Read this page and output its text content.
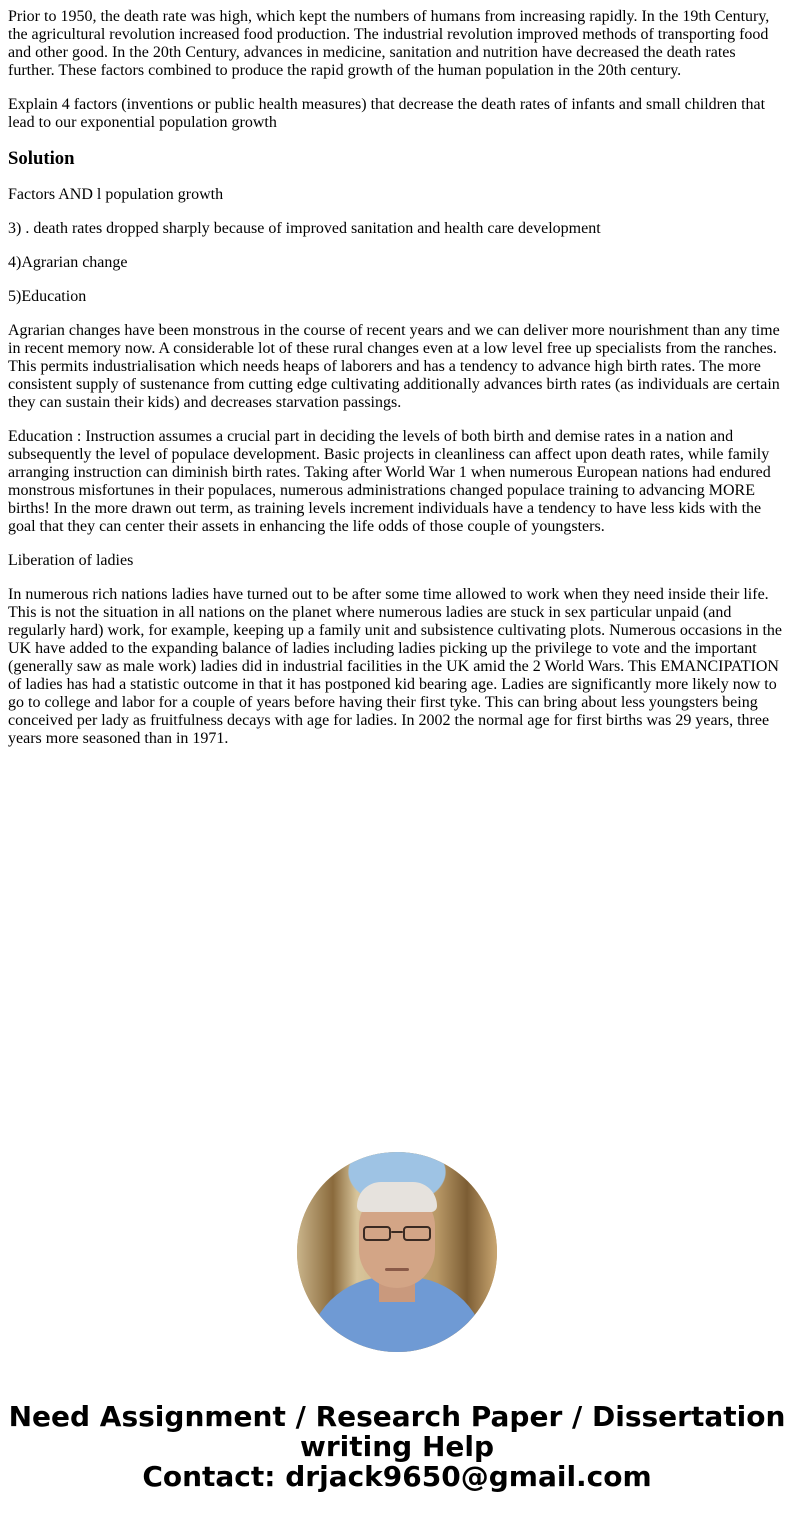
Prior to 1950, the death rate was high, which kept the numbers of humans from increasing rapidly. In the 19th Century, the agricultural revolution increased food production. The industrial revolution improved methods of transporting food and other good. In the 20th Century, advances in medicine, sanitation and nutrition have decreased the death rates further. These factors combined to produce the rapid growth of the human population in the 20th century.

Explain 4 factors (inventions or public health measures) that decrease the death rates of infants and small children that lead to our exponential population growth

Solution

Factors AND l population growth

3) . death rates dropped sharply because of improved sanitation and health care development

4)Agrarian change

5)Education

Agrarian changes have been monstrous in the course of recent years and we can deliver more nourishment than any time in recent memory now. A considerable lot of these rural changes even at a low level free up specialists from the ranches. This permits industrialisation which needs heaps of laborers and has a tendency to advance high birth rates. The more consistent supply of sustenance from cutting edge cultivating additionally advances birth rates (as individuals are certain they can sustain their kids) and decreases starvation passings.

Education : Instruction assumes a crucial part in deciding the levels of both birth and demise rates in a nation and subsequently the level of populace development. Basic projects in cleanliness can affect upon death rates, while family arranging instruction can diminish birth rates. Taking after World War 1 when numerous European nations had endured monstrous misfortunes in their populaces, numerous administrations changed populace training to advancing MORE births! In the more drawn out term, as training levels increment individuals have a tendency to have less kids with the goal that they can center their assets in enhancing the life odds of those couple of youngsters.

Liberation of ladies

In numerous rich nations ladies have turned out to be after some time allowed to work when they need inside their life. This is not the situation in all nations on the planet where numerous ladies are stuck in sex particular unpaid (and regularly hard) work, for example, keeping up a family unit and subsistence cultivating plots. Numerous occasions in the UK have added to the expanding balance of ladies including ladies picking up the privilege to vote and the important (generally saw as male work) ladies did in industrial facilities in the UK amid the 2 World Wars. This EMANCIPATION of ladies has had a statistic outcome in that it has postponed kid bearing age. Ladies are significantly more likely now to go to college and labor for a couple of years before having their first tyke. This can bring about less youngsters being conceived per lady as fruitfulness decays with age for ladies. In 2002 the normal age for first births was 29 years, three years more seasoned than in 1971.

Need Assignment / Research Paper / Dissertation
writing Help
Contact: drjack9650@gmail.com
